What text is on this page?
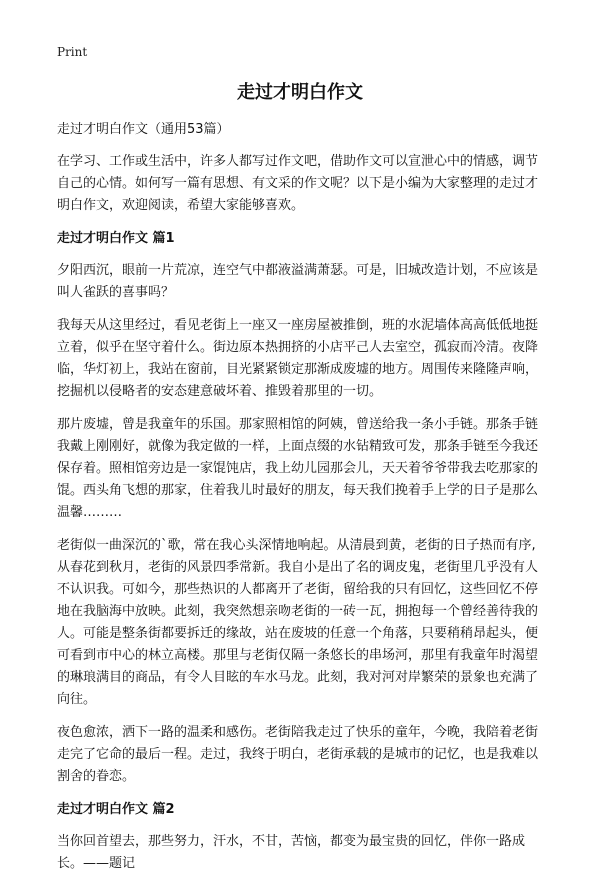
Print
走过才明白作文

走过才明白作文（通用53篇）

在学习、工作或生活中，许多人都写过作文吧，借助作文可以宣泄心中的情感，调节自己的心情。如何写一篇有思想、有文采的作文呢？以下是小编为大家整理的走过才明白作文，欢迎阅读，希望大家能够喜欢。

走过才明白作文 篇1

夕阳西沉，眼前一片荒凉，连空气中都液溢满萧瑟。可是，旧城改造计划，不应该是叫人雀跃的喜事吗？

我每天从这里经过，看见老街上一座又一座房屋被推倒，班的水泥墙体高高低低地挺立着，似乎在坚守着什么。街边原本热拥挤的小店平己人去室空，孤寂而冷清。夜降临，华灯初上，我站在窗前，目光紧紧锁定那渐成废墟的地方。周围传来隆隆声响，挖掘机以侵略者的安态建意破坏着、推毁着那里的一切。

那片废墟，曾是我童年的乐国。那家照相馆的阿姨，曾送给我一条小手链。那条手链我戴上刚刚好，就像为我定做的一样，上面点缀的水钻精致可发，那条手链至今我还保存着。照相馆旁边是一家馄饨店，我上幼儿园那会儿，天天着爷爷带我去吃那家的馄。西头角飞想的那家，住着我儿时最好的朋友，每天我们挽着手上学的日子是那么温馨………

老街似一曲深沉的`歌，常在我心头深情地响起。从清晨到黄，老街的日子热而有序,从春花到秋月，老街的风景四季常新。我自小是出了名的调皮鬼，老街里几乎没有人不认识我。可如今，那些热识的人都离开了老街，留给我的只有回忆，这些回忆不停地在我脑海中放映。此刻，我突然想亲吻老街的一砖一瓦，拥抱每一个曾经善待我的人。可能是整条街都要拆迁的缘故，站在废坡的任意一个角落，只要稍稍昂起头，便可看到市中心的林立高楼。那里与老街仅隔一条悠长的串场河，那里有我童年时渴望的琳琅满目的商品，有令人目眩的车水马龙。此刻，我对河对岸繁荣的景象也充满了向往。

夜色愈浓，洒下一路的温柔和感伤。老街陪我走过了快乐的童年，今晚，我陪着老街走完了它命的最后一程。走过，我终于明白，老街承载的是城市的记忆，也是我难以割舍的眷恋。

走过才明白作文 篇2

当你回首望去，那些努力，汗水，不甘，苦恼，都变为最宝贵的回忆，伴你一路成长。——题记
